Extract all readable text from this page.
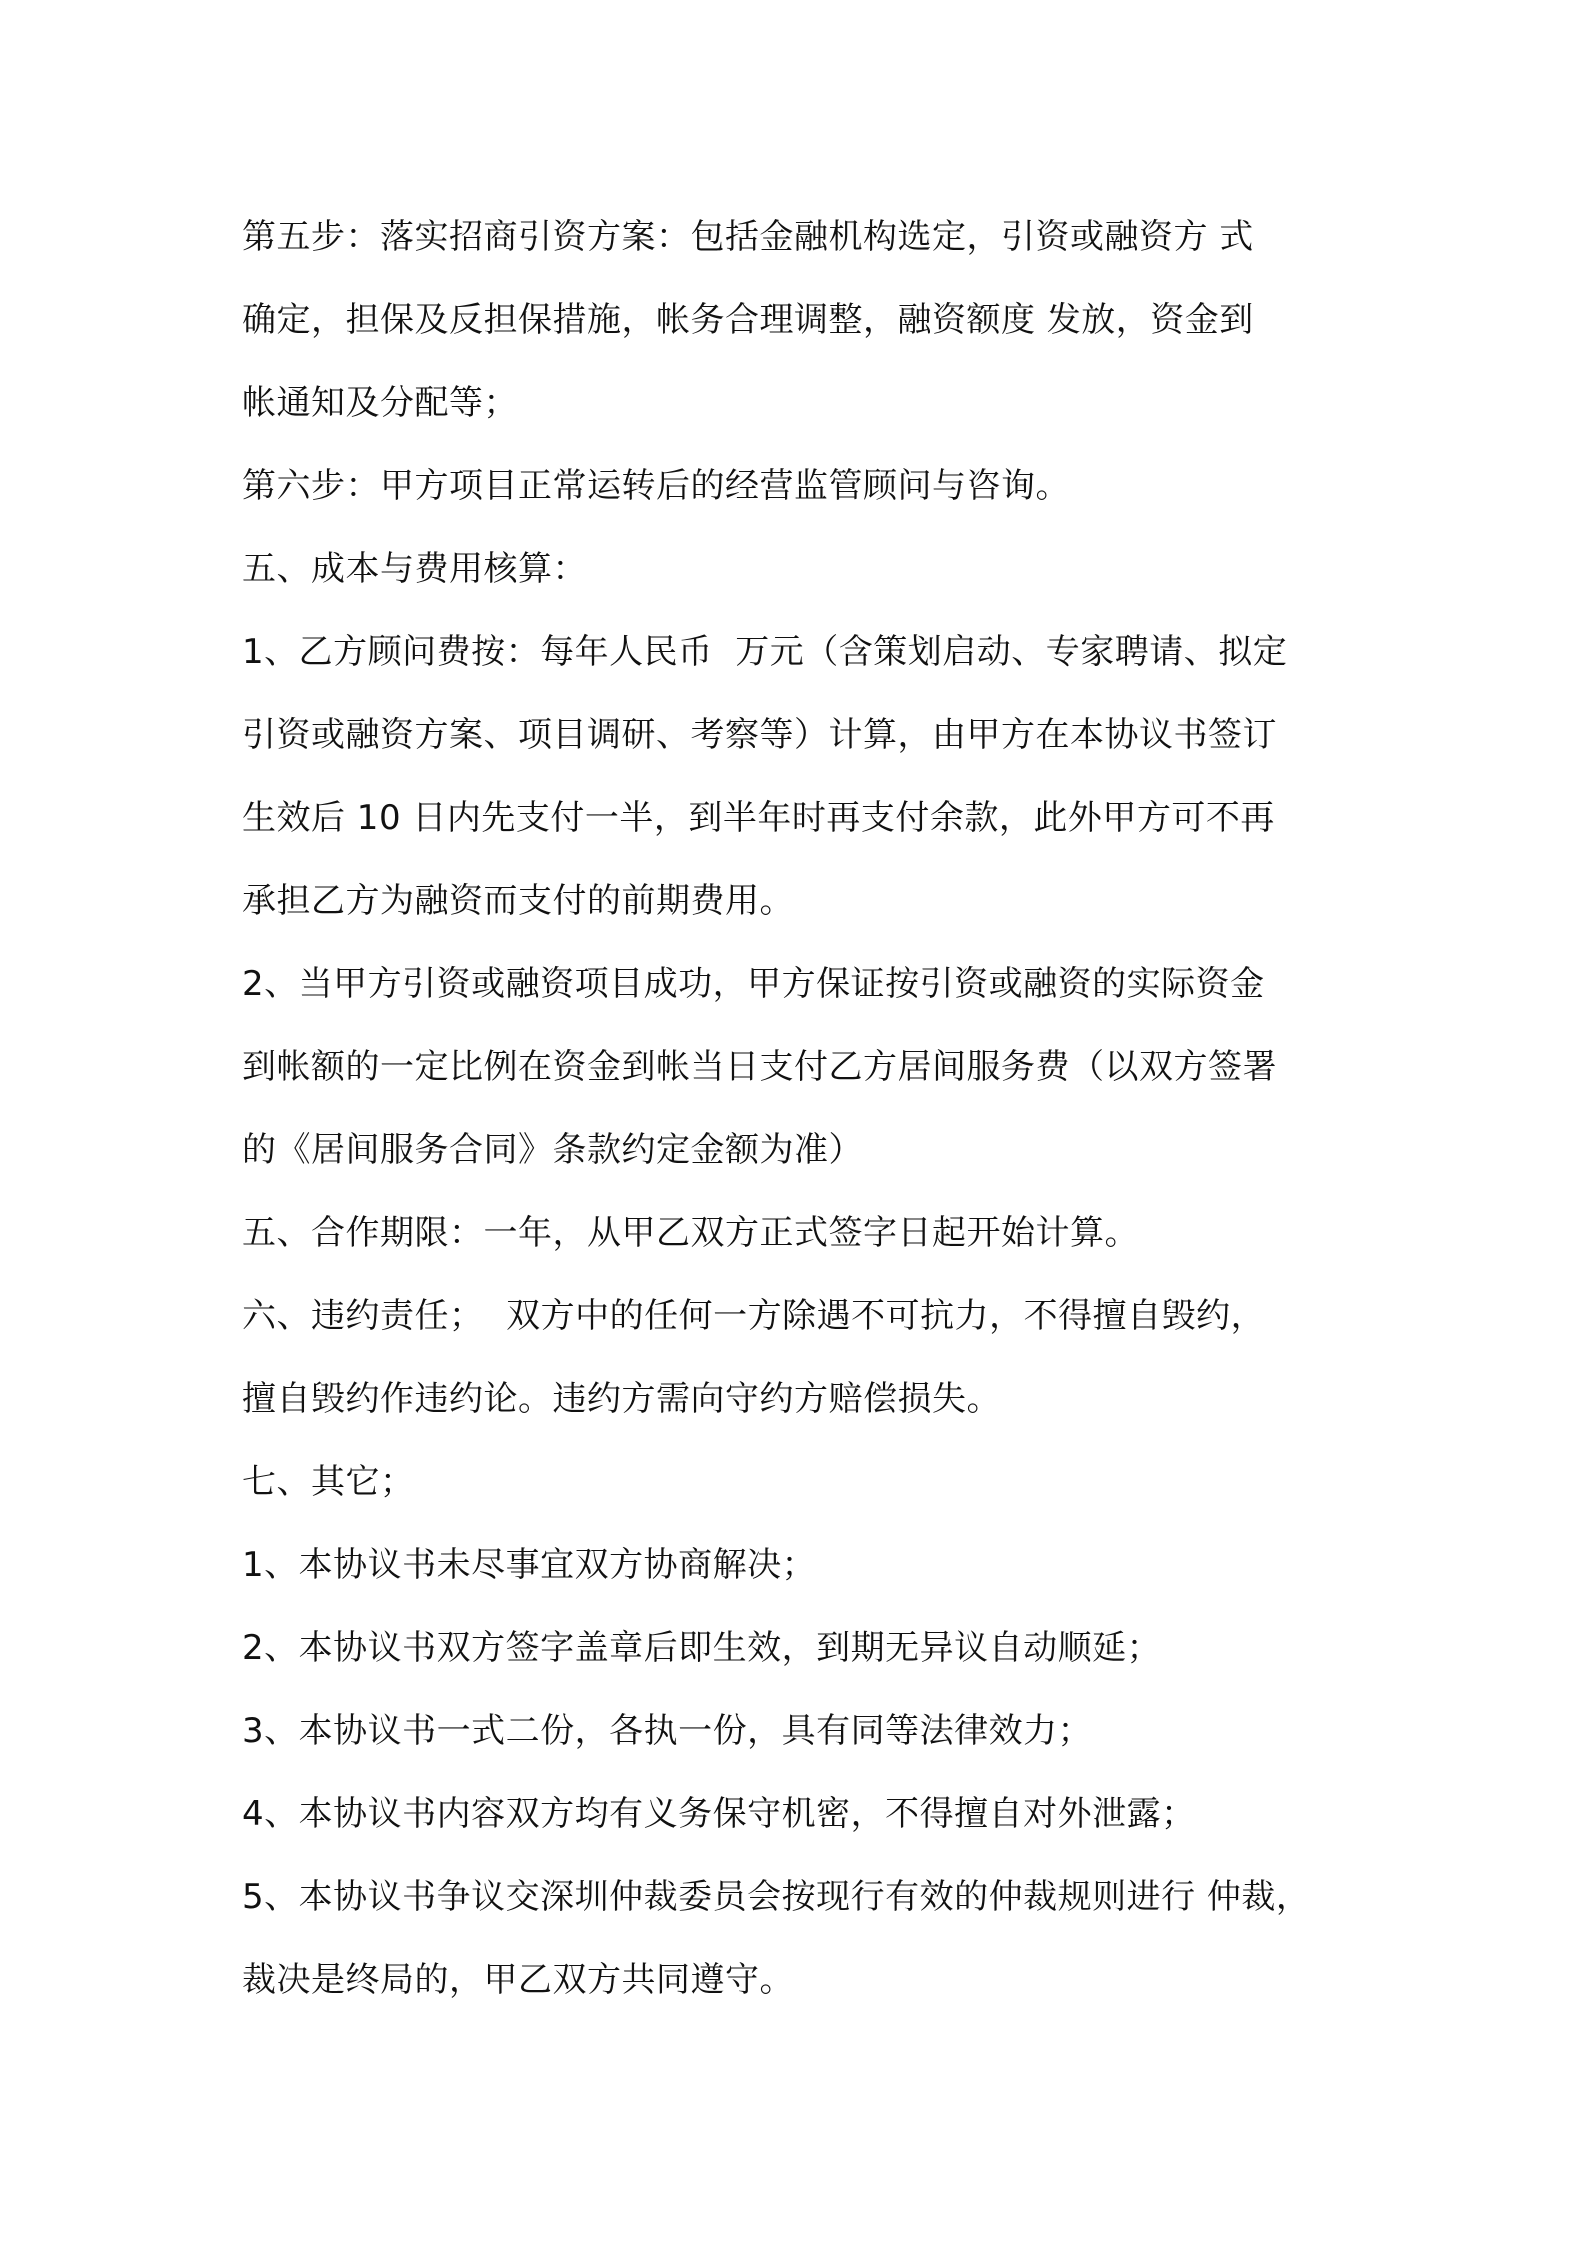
第五步：落实招商引资方案：包括金融机构选定，引资或融资方 式
确定，担保及反担保措施，帐务合理调整，融资额度 发放，资金到
帐通知及分配等；
第六步：甲方项目正常运转后的经营监管顾问与咨询。
五、成本与费用核算：
1、乙方顾问费按：每年人民币  万元（含策划启动、专家聘请、拟定
引资或融资方案、项目调研、考察等）计算，由甲方在本协议书签订
生效后 10 日内先支付一半，到半年时再支付余款，此外甲方可不再
承担乙方为融资而支付的前期费用。
2、当甲方引资或融资项目成功，甲方保证按引资或融资的实际资金
到帐额的一定比例在资金到帐当日支付乙方居间服务费（以双方签署
的《居间服务合同》条款约定金额为准）
五、合作期限：一年，从甲乙双方正式签字日起开始计算。
六、违约责任；  双方中的任何一方除遇不可抗力，不得擅自毁约，
擅自毁约作违约论。违约方需向守约方赔偿损失。
七、其它；
1、本协议书未尽事宜双方协商解决；
2、本协议书双方签字盖章后即生效，到期无异议自动顺延；
3、本协议书一式二份，各执一份，具有同等法律效力；
4、本协议书内容双方均有义务保守机密，不得擅自对外泄露；
5、本协议书争议交深圳仲裁委员会按现行有效的仲裁规则进行 仲裁，
裁决是终局的，甲乙双方共同遵守。
